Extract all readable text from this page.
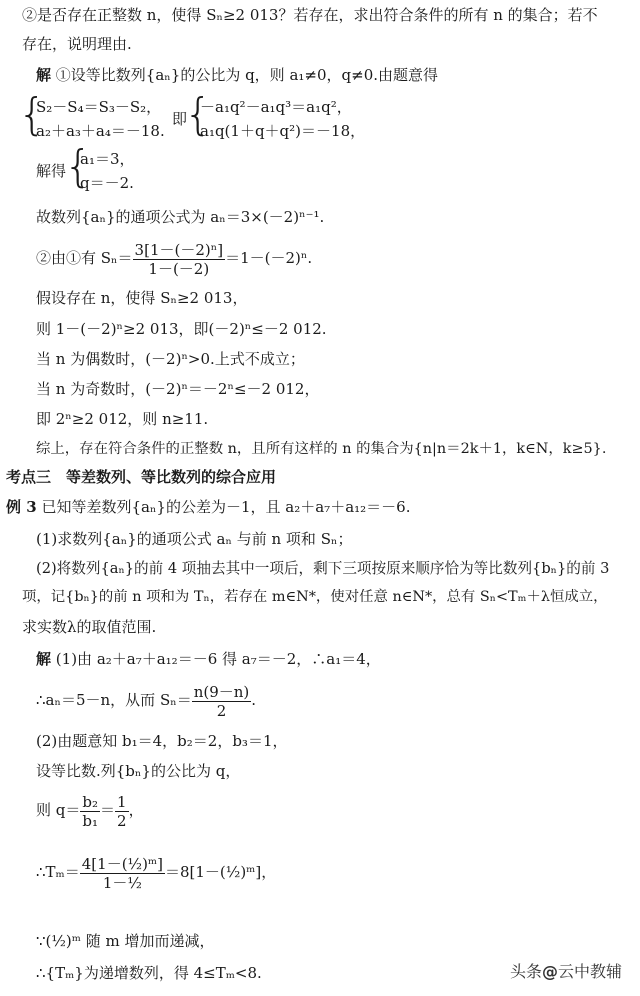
②是否存在正整数 n，使得 Sₙ≥2 013？若存在，求出符合条件的所有 n 的集合；若不
存在，说明理由.
解 ①设等比数列{aₙ}的公比为 q，则 a₁≠0，q≠0.由题意得
{
S₂－S₄＝S₃－S₂，
a₂＋a₃＋a₄＝－18.
即
{
－a₁q²－a₁q³＝a₁q²，
a₁q(1＋q＋q²)＝－18，
解得
{
a₁＝3，
q＝－2.
故数列{aₙ}的通项公式为 aₙ＝3×(－2)ⁿ⁻¹.
②由①有 $S_n= \frac{\text{3[1－(－2)ⁿ]}}{1-(-2)} =1-(-2)^n$.
假设存在 n，使得 Sₙ≥2 013，
则 1－(－2)ⁿ≥2 013，即(－2)ⁿ≤－2 012.
当 n 为偶数时，(－2)ⁿ>0.上式不成立；
当 n 为奇数时，(－2)ⁿ＝－2ⁿ≤－2 012，
即 2ⁿ≥2 012，则 n≥11.
综上，存在符合条件的正整数 n，且所有这样的 n 的集合为{n|n＝2k＋1，k∈N，k≥5}.
考点三　等差数列、等比数列的综合应用
例 3 已知等差数列{aₙ}的公差为－1，且 a₂＋a₇＋a₁₂＝－6.
(1)求数列{aₙ}的通项公式 aₙ 与前 n 项和 Sₙ；
(2)将数列{aₙ}的前 4 项抽去其中一项后，剩下三项按原来顺序恰为等比数列{bₙ}的前 3
项，记{bₙ}的前 n 项和为 Tₙ，若存在 m∈N*，使对任意 n∈N*，总有 Sₙ<Tₘ＋λ恒成立，
求实数λ的取值范围.
解 (1)由 a₂＋a₇＋a₁₂＝－6 得 a₇＝－2，∴a₁＝4，
∴aₙ＝5－n，从而 $S_n= \frac{n(9-n)}{2}$ .
(2)由题意知 b₁＝4，b₂＝2，b₃＝1，
设等比数.列{bₙ}的公比为 q，
则 $q= \frac{\text{b₂}}{\text{b₁}} = \frac{1}{2}$ ，
∴Tₘ＝ $\frac{\text{4[1－(½)ᵐ]}}{\text{1－½}}$ ＝8[1－(½)ᵐ]，
∵(½)ᵐ 随 m 增加而递减，
∴{Tₘ}为递增数列，得 4≤Tₘ<8.	头条@云中教辅
